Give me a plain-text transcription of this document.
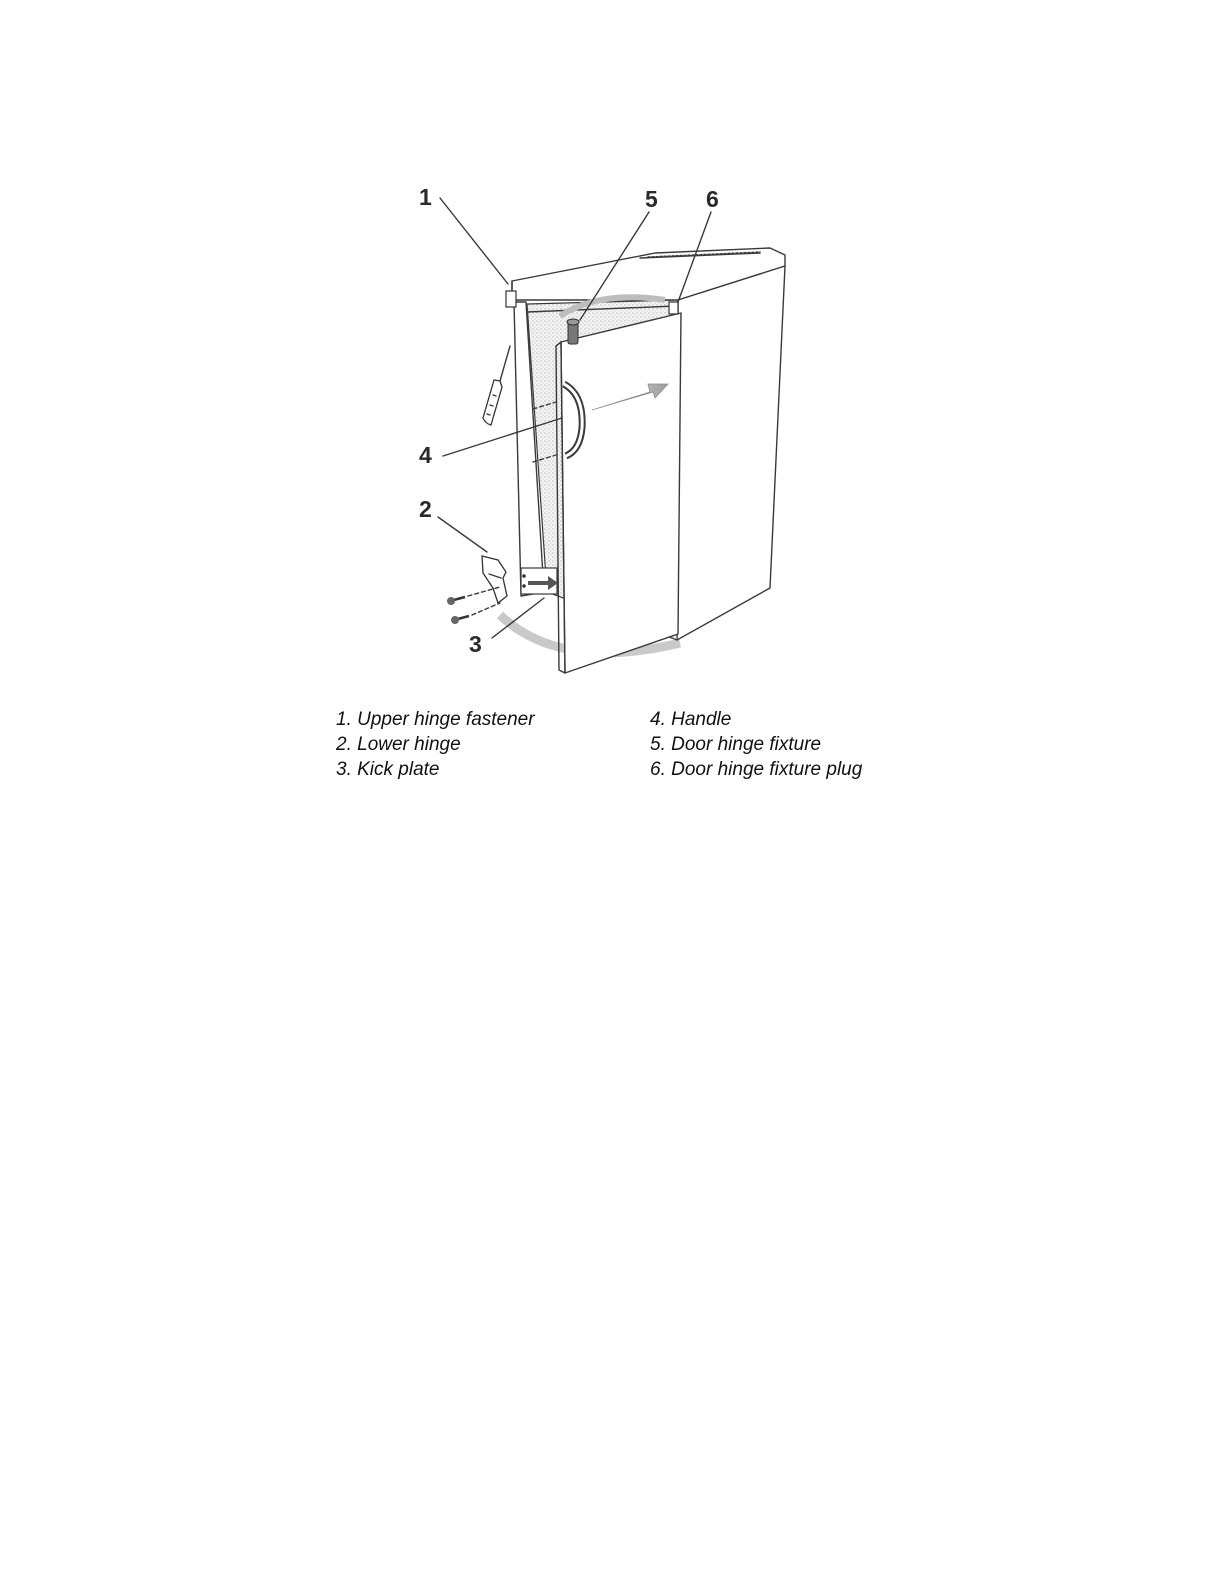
1	5 6
4
2
3
1. Upper hinge fastener	4. Handle
2. Lower hinge	5. Door hinge fixture
3. Kick plate	6. Door hinge fixture plug
